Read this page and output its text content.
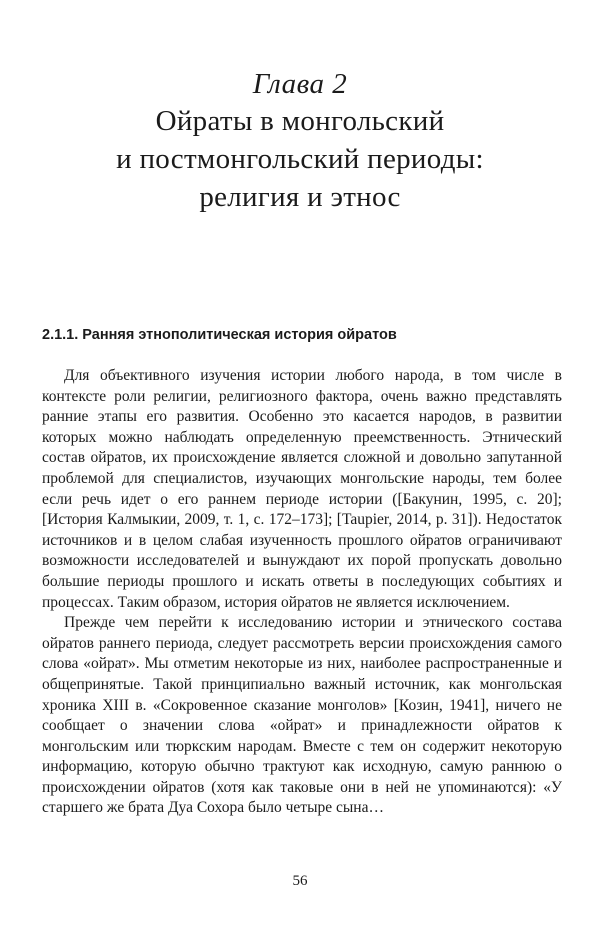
Глава 2
Ойраты в монгольский
и постмонгольский периоды:
религия и этнос
2.1.1. Ранняя этнополитическая история ойратов

Для объективного изучения истории любого народа, в том числе в контексте роли религии, религиозного фактора, очень важно представлять ранние этапы его развития. Особенно это касается народов, в развитии которых можно наблюдать определенную преемственность. Этнический состав ойратов, их происхождение является сложной и довольно запутанной проблемой для специалистов, изучающих монгольские народы, тем более если речь идет о его раннем периоде истории ([Бакунин, 1995, с. 20]; [История Калмыкии, 2009, т. 1, с. 172–173]; [Taupier, 2014, p. 31]). Недостаток источников и в целом слабая изученность прошлого ойратов ограничивают возможности исследователей и вынуждают их порой пропускать довольно большие периоды прошлого и искать ответы в последующих событиях и процессах. Таким образом, история ойратов не является исключением.

Прежде чем перейти к исследованию истории и этнического состава ойратов раннего периода, следует рассмотреть версии происхождения самого слова «ойрат». Мы отметим некоторые из них, наиболее распространенные и общепринятые. Такой принципиально важный источник, как монгольская хроника XIII в. «Сокровенное сказание монголов» [Козин, 1941], ничего не сообщает о значении слова «ойрат» и принадлежности ойратов к монгольским или тюркским народам. Вместе с тем он содержит некоторую информацию, которую обычно трактуют как исходную, самую раннюю о происхождении ойратов (хотя как таковые они в ней не упоминаются): «У старшего же брата Дуа Сохора было четыре сына…

56
